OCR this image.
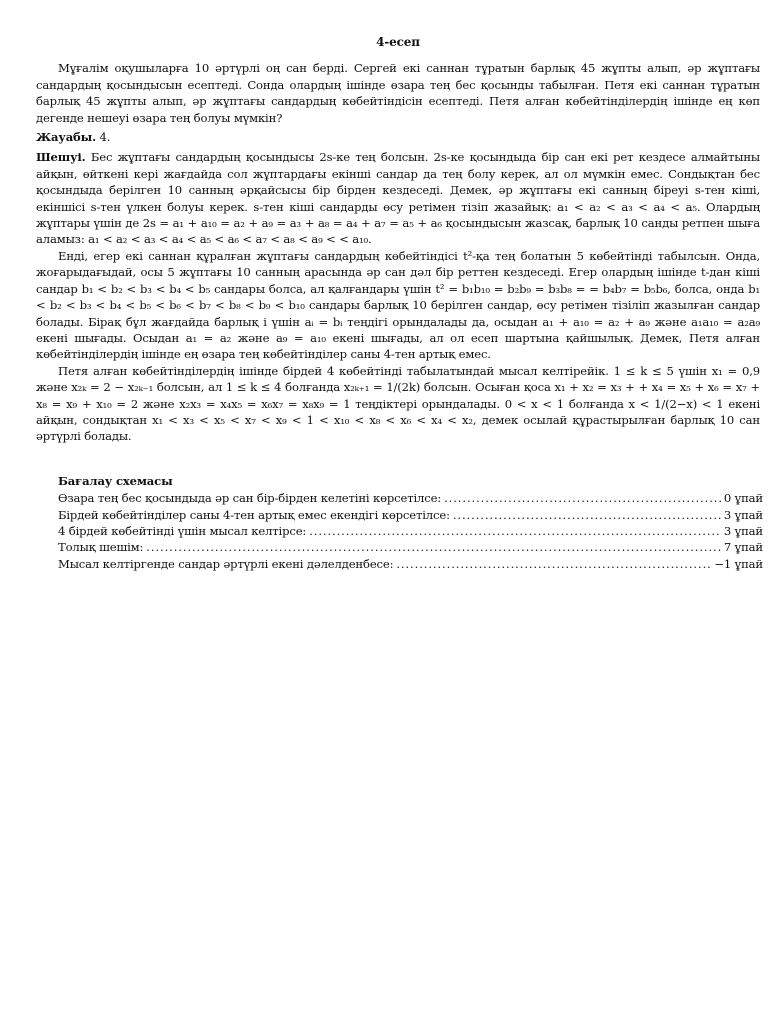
4-есеп

Мұғалім оқушыларға 10 әртүрлі оң сан берді. Сергей екі саннан тұратын барлық 45 жұпты алып, әр жұптағы сандардың қосындысын есептеді. Сонда олардың ішінде өзара тең бес қосынды табылған. Петя екі саннан тұратын барлық 45 жұпты алып, әр жұптағы сандардың көбейтіндісін есептеді. Петя алған көбейтінділердің ішінде ең көп дегенде нешеуі өзара тең болуы мүмкін?

Жауабы. 4.

Шешуі. Бес жұптағы сандардың қосындысы 2s-ке тең болсын. 2s-ке қосындыда бір сан екі рет кездесе алмайтыны айқын, өйткені кері жағдайда сол жұптардағы екінші сандар да тең болу керек, ал ол мүмкін емес. Сондықтан бес қосындыда берілген 10 санның әрқайсысы бір бірден кездеседі. Демек, әр жұптағы екі санның біреуі s-тен кіші, екіншісі s-тен үлкен болуы керек. s-тен кіші сандарды өсу ретімен тізіп жазайық: a₁ < a₂ < a₃ < a₄ < a₅. Олардың жұптары үшін де 2s = a₁ + a₁₀ = a₂ + a₉ = a₃ + a₈ = a₄ + a₇ = a₅ + a₆ қосындысын жазсақ, барлық 10 санды ретпен шыға аламыз: a₁ < a₂ < a₃ < a₄ < a₅ < a₆ < a₇ < a₈ < a₉ < < a₁₀.

Енді, егер екі саннан құралған жұптағы сандардың көбейтіндісі t²-қа тең болатын 5 көбейтінді табылсын. Онда, жоғарыдағыдай, осы 5 жұптағы 10 санның арасында әр сан дәл бір реттен кездеседі. Егер олардың ішінде t-дан кіші сандар b₁ < b₂ < b₃ < b₄ < b₅ сандары болса, ал қалғандары үшін t² = b₁b₁₀ = b₂b₉ = b₃b₈ = = b₄b₇ = b₅b₆, болса, онда b₁ < b₂ < b₃ < b₄ < b₅ < b₆ < b₇ < b₈ < b₉ < b₁₀ сандары барлық 10 берілген сандар, өсу ретімен тізіліп жазылған сандар болады. Бірақ бұл жағдайда барлық i үшін aᵢ = bᵢ теңдігі орындалады да, осыдан a₁ + a₁₀ = a₂ + a₉ және a₁a₁₀ = a₂a₉ екені шығады. Осыдан a₁ = a₂ және a₉ = a₁₀ екені шығады, ал ол есеп шартына қайшылық. Демек, Петя алған көбейтінділердің ішінде ең өзара тең көбейтінділер саны 4-тен артық емес.

Петя алған көбейтінділердің ішінде бірдей 4 көбейтінді табылатындай мысал келтірейік. 1 ≤ k ≤ 5 үшін x₁ = 0,9 және x₂ₖ = 2 − x₂ₖ₋₁ болсын, ал 1 ≤ k ≤ 4 болғанда x₂ₖ₊₁ = 1/(2k) болсын. Осыған қоса x₁ + x₂ = x₃ + + x₄ = x₅ + x₆ = x₇ + x₈ = x₉ + x₁₀ = 2 және x₂x₃ = x₄x₅ = x₆x₇ = x₈x₉ = 1 теңдіктері орындалады. 0 < x < 1 болғанда x < 1/(2−x) < 1 екені айқын, сондықтан x₁ < x₃ < x₅ < x₇ < x₉ < 1 < x₁₀ < x₈ < x₆ < x₄ < x₂, демек осылай құрастырылған барлық 10 сан әртүрлі болады.

Бағалау схемасы
Өзара тең бес қосындыда әр сан бір-бірден келетіні көрсетілсе: . . .	0 ұпай
Бірдей көбейтінділер саны 4-тен артық емес екендігі көрсетілсе: . . .	3 ұпай
4 бірдей көбейтінді үшін мысал келтірсе: . . .	3 ұпай
Толық шешім: . . .	7 ұпай
Мысал келтіргенде сандар әртүрлі екені дәлелденбесе: . . .	−1 ұпай
